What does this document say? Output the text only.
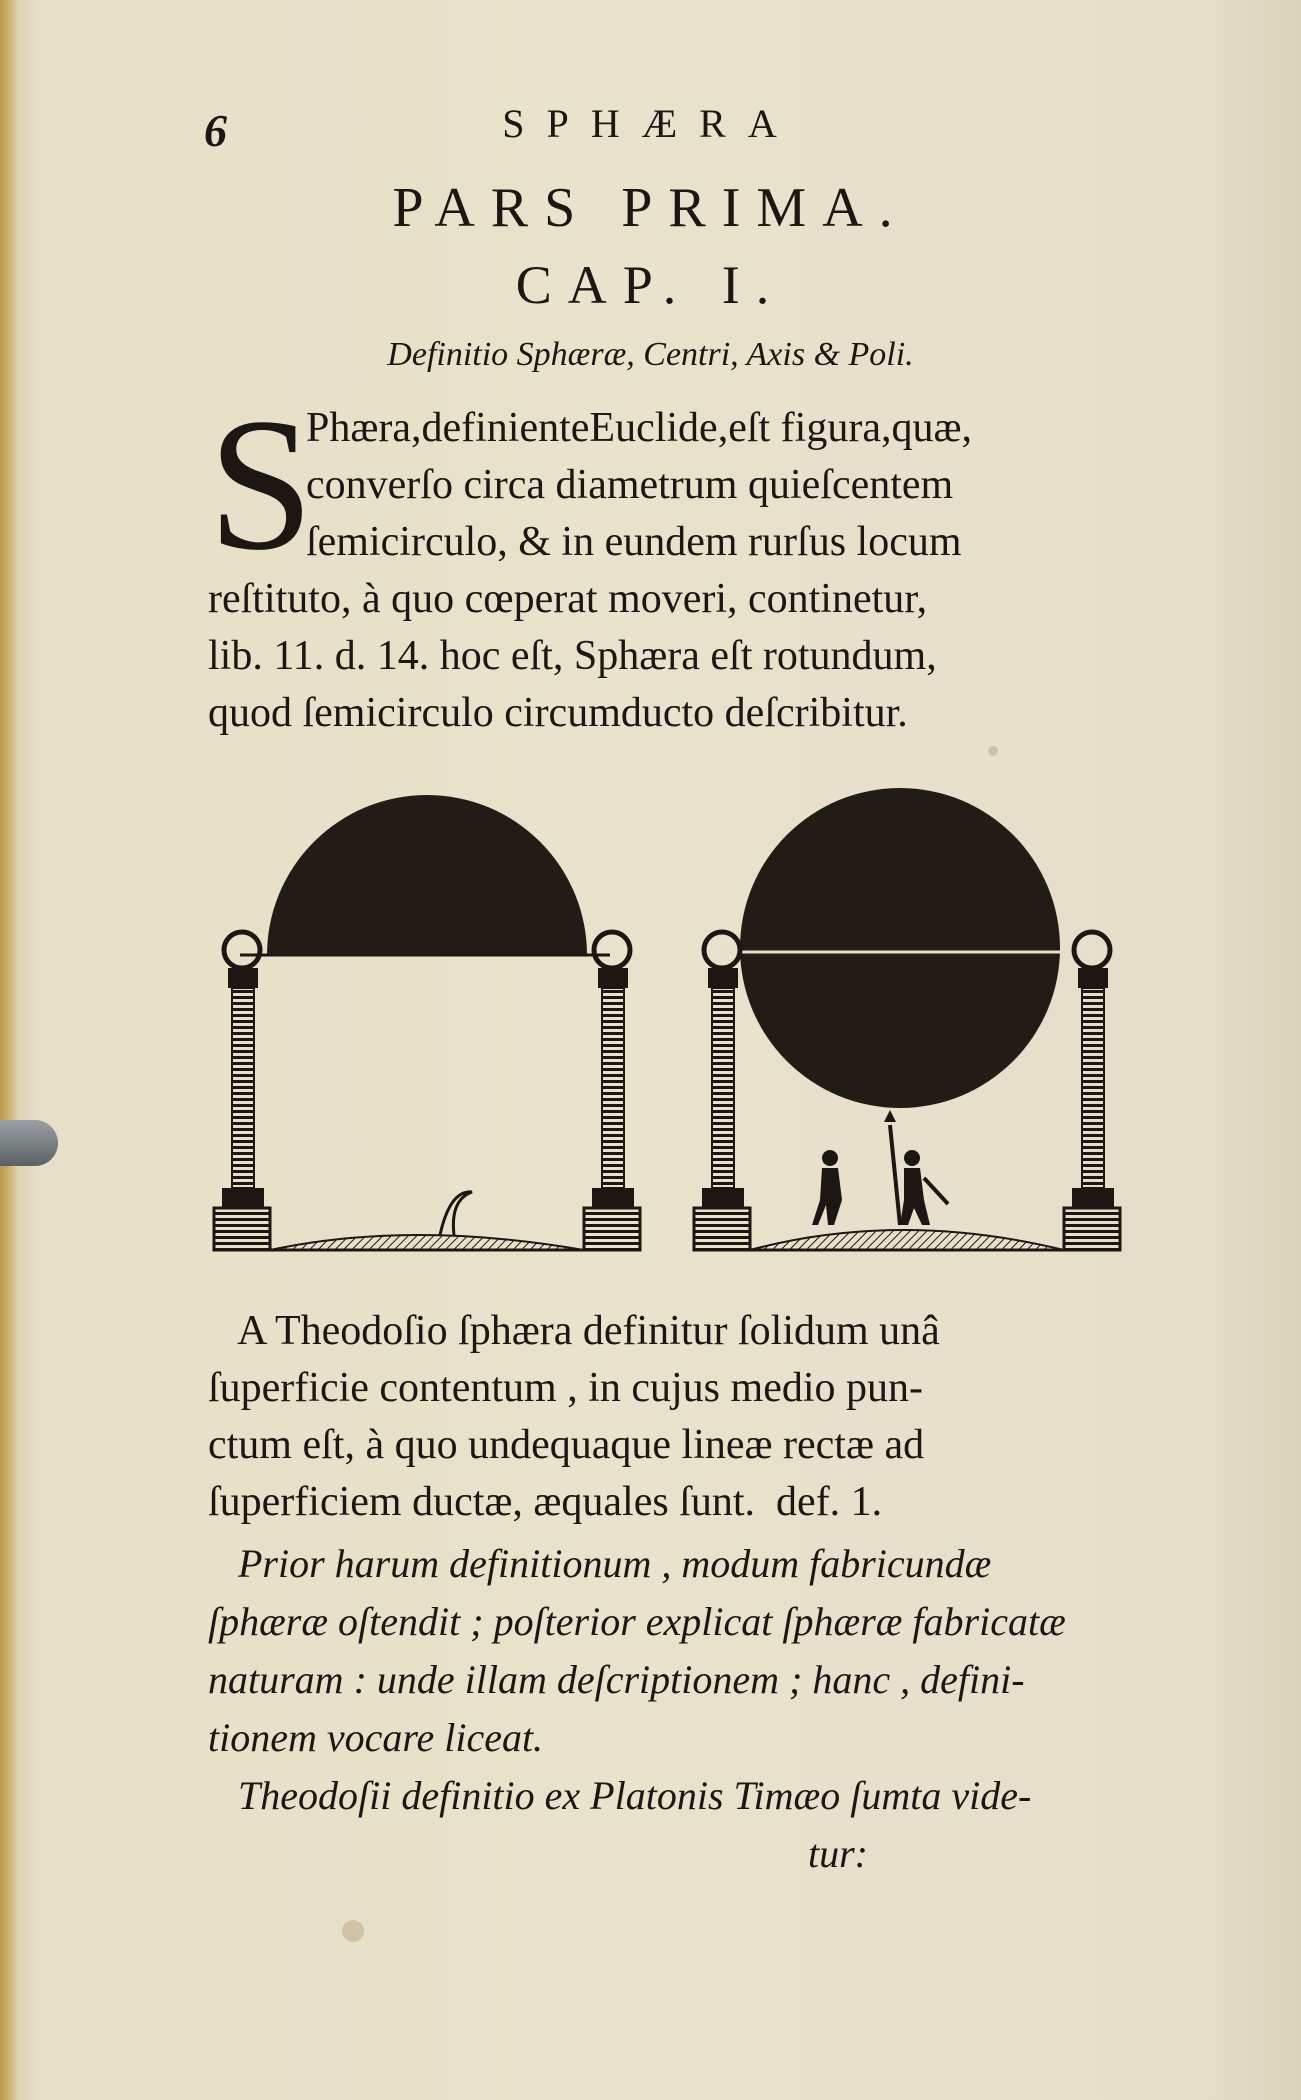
6	SPHÆRA
PARS PRIMA.
CAP. I.
Definitio Sphæræ, Centri, Axis & Poli.
S
Phæra,definienteEuclide,eſt figura,quæ,
converſo circa diametrum quieſcentem
ſemicirculo, & in eundem rurſus locum
reſtituto, à quo cœperat moveri, continetur,
lib. 11. d. 14. hoc eſt, Sphæra eſt rotundum,
quod ſemicirculo circumducto deſcribitur.
A Theodoſio ſphæra definitur ſolidum unâ
ſuperficie contentum , in cujus medio pun-
ctum eſt, à quo undequaque lineæ rectæ ad
ſuperficiem ductæ, æquales ſunt.  def. 1.
Prior harum definitionum , modum fabricundæ
ſphæræ oſtendit ; poſterior explicat ſphæræ fabricatæ
naturam : unde illam deſcriptionem ; hanc , defini-
tionem vocare liceat.
Theodoſii definitio ex Platonis Timæo ſumta vide-
tur:
